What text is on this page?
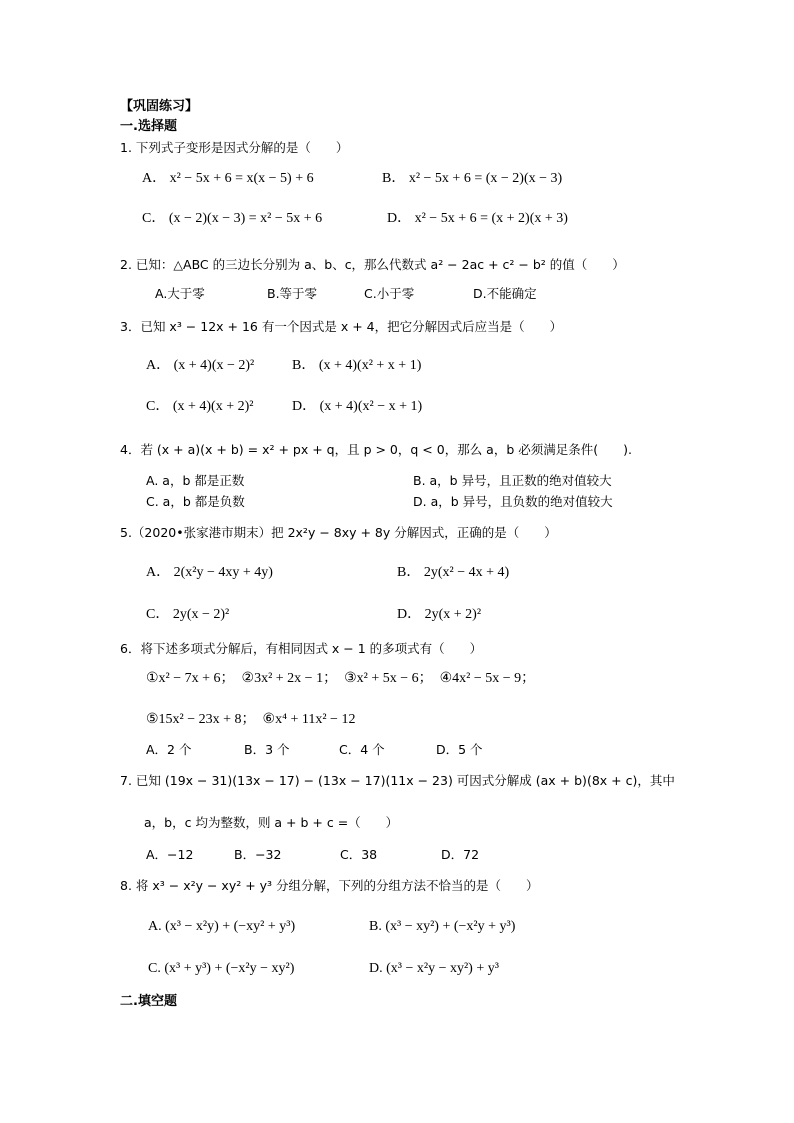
【巩固练习】
一.选择题
1. 下列式子变形是因式分解的是（　　）
A． x² − 5x + 6 = x(x − 5) + 6	B． x² − 5x + 6 = (x − 2)(x − 3)
C． (x − 2)(x − 3) = x² − 5x + 6	D． x² − 5x + 6 = (x + 2)(x + 3)
2. 已知：△ABC 的三边长分别为 a、b、c，那么代数式 a² − 2ac + c² − b² 的值（　　）
A.大于零	B.等于零	C.小于零	D.不能确定
3．已知 x³ − 12x + 16 有一个因式是 x + 4，把它分解因式后应当是（　　）
A． (x + 4)(x − 2)²	B． (x + 4)(x² + x + 1)
C． (x + 4)(x + 2)²	D． (x + 4)(x² − x + 1)
4．若 (x + a)(x + b) = x² + px + q，且 p > 0，q < 0，那么 a，b 必须满足条件(　　).
A. a，b 都是正数	B. a，b 异号，且正数的绝对值较大
C. a，b 都是负数	D. a，b 异号，且负数的绝对值较大
5.（2020•张家港市期末）把 2x²y − 8xy + 8y 分解因式，正确的是（　　）
A． 2(x²y − 4xy + 4y)	B． 2y(x² − 4x + 4)
C． 2y(x − 2)²	D． 2y(x + 2)²
6．将下述多项式分解后，有相同因式 x − 1 的多项式有（　　）
①x² − 7x + 6；　②3x² + 2x − 1；　③x² + 5x − 6；　④4x² − 5x − 9；
⑤15x² − 23x + 8；　⑥x⁴ + 11x² − 12
A．2 个	B．3 个	C．4 个	D．5 个
7. 已知 (19x − 31)(13x − 17) − (13x − 17)(11x − 23) 可因式分解成 (ax + b)(8x + c)，其中
a，b，c 均为整数，则 a + b + c =（　　）
A．−12	B．−32	C．38	D．72
8. 将 x³ − x²y − xy² + y³ 分组分解，下列的分组方法不恰当的是（　　）
A. (x³ − x²y) + (−xy² + y³)	B. (x³ − xy²) + (−x²y + y³)
C. (x³ + y³) + (−x²y − xy²)	D. (x³ − x²y − xy²) + y³
二.填空题
